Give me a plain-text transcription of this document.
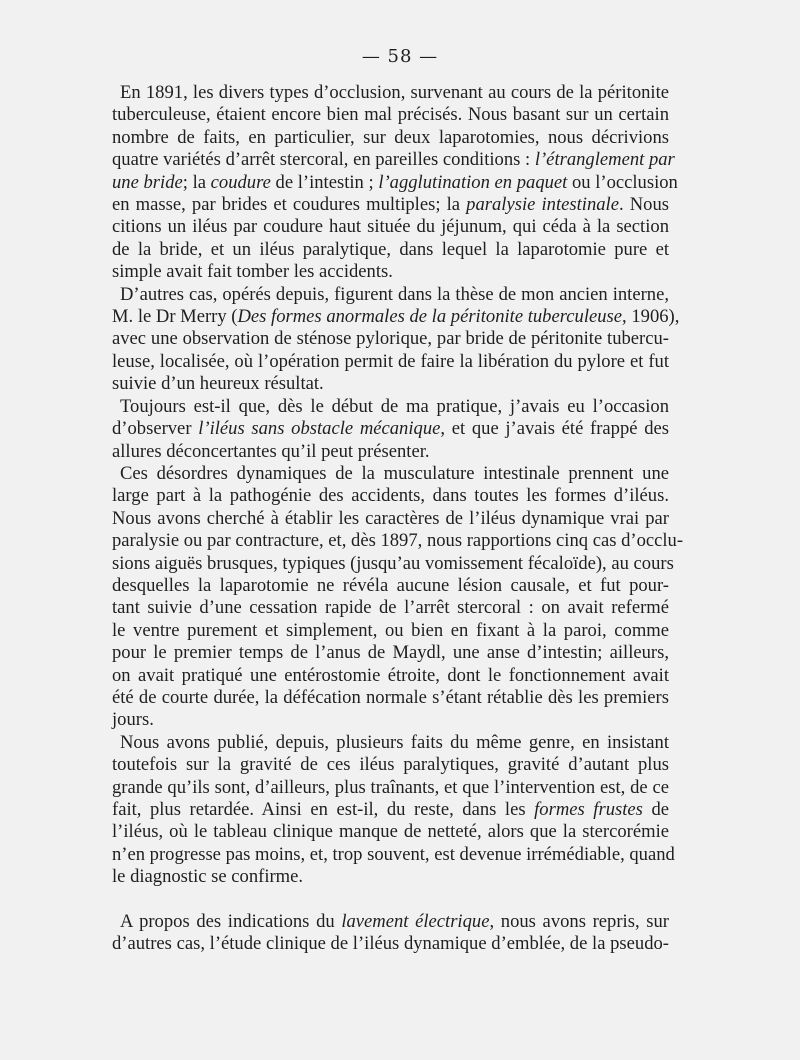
— 58 —
En 1891, les divers types d’occlusion, survenant au cours de la péritonite
tuberculeuse, étaient encore bien mal précisés. Nous basant sur un certain
nombre de faits, en particulier, sur deux laparotomies, nous décrivions
quatre variétés d’arrêt stercoral, en pareilles conditions : l’étranglement par
une bride; la coudure de l’intestin ; l’agglutination en paquet ou l’occlusion
en masse, par brides et coudures multiples; la paralysie intestinale. Nous
citions un iléus par coudure haut située du jéjunum, qui céda à la section
de la bride, et un iléus paralytique, dans lequel la laparotomie pure et
simple avait fait tomber les accidents.
D’autres cas, opérés depuis, figurent dans la thèse de mon ancien interne,
M. le Dr Merry (Des formes anormales de la péritonite tuberculeuse, 1906),
avec une observation de sténose pylorique, par bride de péritonite tubercu-
leuse, localisée, où l’opération permit de faire la libération du pylore et fut
suivie d’un heureux résultat.
Toujours est-il que, dès le début de ma pratique, j’avais eu l’occasion
d’observer l’iléus sans obstacle mécanique, et que j’avais été frappé des
allures déconcertantes qu’il peut présenter.
Ces désordres dynamiques de la musculature intestinale prennent une
large part à la pathogénie des accidents, dans toutes les formes d’iléus.
Nous avons cherché à établir les caractères de l’iléus dynamique vrai par
paralysie ou par contracture, et, dès 1897, nous rapportions cinq cas d’occlu-
sions aiguës brusques, typiques (jusqu’au vomissement fécaloïde), au cours
desquelles la laparotomie ne révéla aucune lésion causale, et fut pour-
tant suivie d’une cessation rapide de l’arrêt stercoral : on avait refermé
le ventre purement et simplement, ou bien en fixant à la paroi, comme
pour le premier temps de l’anus de Maydl, une anse d’intestin; ailleurs,
on avait pratiqué une entérostomie étroite, dont le fonctionnement avait
été de courte durée, la défécation normale s’étant rétablie dès les premiers
jours.
Nous avons publié, depuis, plusieurs faits du même genre, en insistant
toutefois sur la gravité de ces iléus paralytiques, gravité d’autant plus
grande qu’ils sont, d’ailleurs, plus traînants, et que l’intervention est, de ce
fait, plus retardée. Ainsi en est-il, du reste, dans les formes frustes de
l’iléus, où le tableau clinique manque de netteté, alors que la stercorémie
n’en progresse pas moins, et, trop souvent, est devenue irrémédiable, quand
le diagnostic se confirme.
A propos des indications du lavement électrique, nous avons repris, sur
d’autres cas, l’étude clinique de l’iléus dynamique d’emblée, de la pseudo-
